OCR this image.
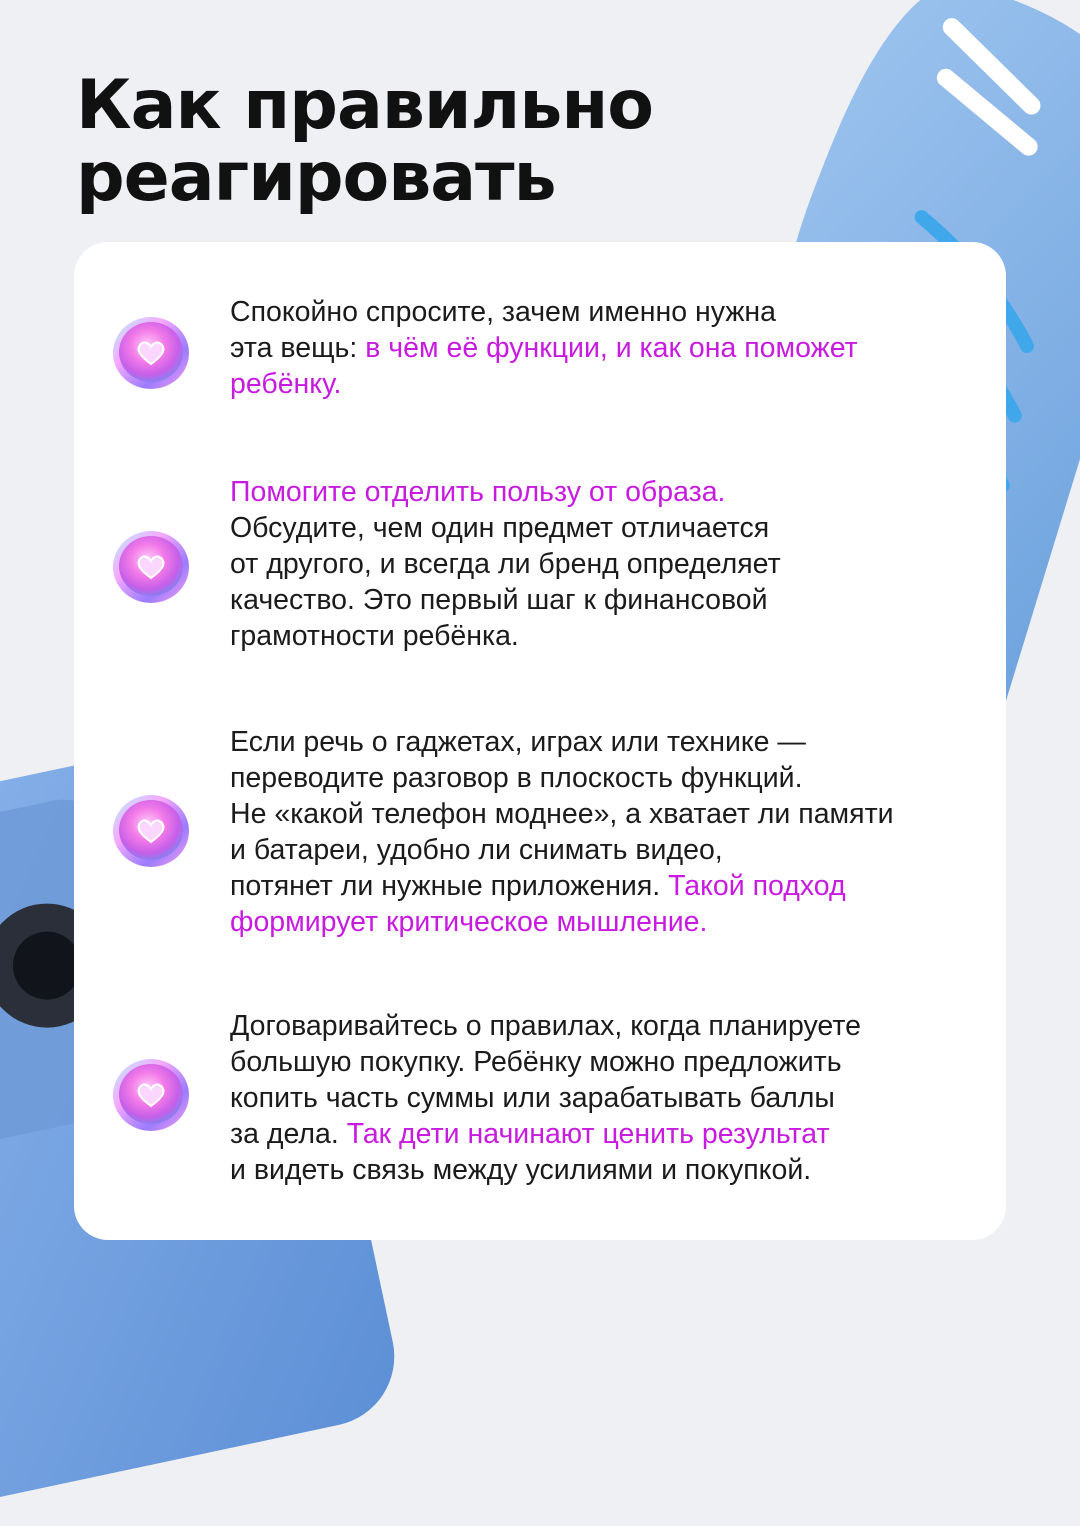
Как правильно
реагировать
Спокойно спросите, зачем именно нужна
эта вещь: в чём её функции, и как она поможет
ребёнку.
Помогите отделить пользу от образа.
Обсудите, чем один предмет отличается
от другого, и всегда ли бренд определяет
качество. Это первый шаг к финансовой
грамотности ребёнка.
Если речь о гаджетах, играх или технике —
переводите разговор в плоскость функций.
Не «какой телефон моднее», а хватает ли памяти
и батареи, удобно ли снимать видео,
потянет ли нужные приложения. Такой подход
формирует критическое мышление.
Договаривайтесь о правилах, когда планируете
большую покупку. Ребёнку можно предложить
копить часть суммы или зарабатывать баллы
за дела. Так дети начинают ценить результат
и видеть связь между усилиями и покупкой.
